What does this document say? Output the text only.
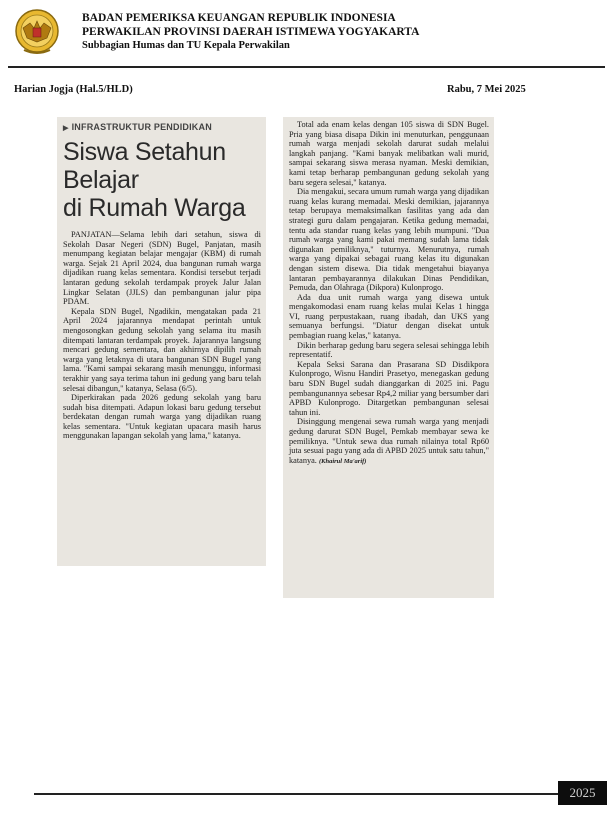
BADAN PEMERIKSA KEUANGAN REPUBLIK INDONESIA
PERWAKILAN PROVINSI DAERAH ISTIMEWA YOGYAKARTA
Subbagian Humas dan TU Kepala Perwakilan
Harian Jogja (Hal.5/HLD)	Rabu, 7 Mei 2025
▶ INFRASTRUKTUR PENDIDIKAN
Siswa Setahun
Belajar
di Rumah Warga

PANJATAN—Selama lebih dari setahun, siswa di Sekolah Dasar Negeri (SDN) Bugel, Panjatan, masih menumpang kegiatan belajar mengajar (KBM) di rumah warga. Sejak 21 April 2024, dua bangunan rumah warga dijadikan ruang kelas sementara. Kondisi tersebut terjadi lantaran gedung sekolah terdampak proyek Jalur Jalan Lingkar Selatan (JJLS) dan pembangunan jalur pipa PDAM.

Kepala SDN Bugel, Ngadikin, mengatakan pada 21 April 2024 jajarannya mendapat perintah untuk mengosongkan gedung sekolah yang selama itu masih ditempati lantaran terdampak proyek. Jajarannya langsung mencari gedung sementara, dan akhirnya dipilih rumah warga yang letaknya di utara bangunan SDN Bugel yang lama. "Kami sampai sekarang masih menunggu, informasi terakhir yang saya terima tahun ini gedung yang baru telah selesai dibangun," katanya, Selasa (6/5).

Diperkirakan pada 2026 gedung sekolah yang baru sudah bisa ditempati. Adapun lokasi baru gedung tersebut berdekatan dengan rumah warga yang dijadikan ruang kelas sementara. "Untuk kegiatan upacara masih harus menggunakan lapangan sekolah yang lama," katanya.

Total ada enam kelas dengan 105 siswa di SDN Bugel. Pria yang biasa disapa Dikin ini menuturkan, penggunaan rumah warga menjadi sekolah darurat sudah melalui langkah panjang. "Kami banyak melibatkan wali murid, sampai sekarang siswa merasa nyaman. Meski demikian, kami tetap berharap pembangunan gedung sekolah yang baru segera selesai," katanya.

Dia mengakui, secara umum rumah warga yang dijadikan ruang kelas kurang memadai. Meski demikian, jajarannya tetap berupaya memaksimalkan fasilitas yang ada dan strategi guru dalam pengajaran. Ketika gedung memadai, tentu ada standar ruang kelas yang lebih mumpuni. "Dua rumah warga yang kami pakai memang sudah lama tidak digunakan pemiliknya," tuturnya. Menurutnya, rumah warga yang dipakai sebagai ruang kelas itu digunakan dengan sistem disewa. Dia tidak mengetahui biayanya lantaran pembayarannya dilakukan Dinas Pendidikan, Pemuda, dan Olahraga (Dikpora) Kulonprogo.

Ada dua unit rumah warga yang disewa untuk mengakomodasi enam ruang kelas mulai Kelas 1 hingga VI, ruang perpustakaan, ruang ibadah, dan UKS yang semuanya berfungsi. "Diatur dengan disekat untuk pembagian ruang kelas," katanya.

Dikin berharap gedung baru segera selesai sehingga lebih representatif.

Kepala Seksi Sarana dan Prasarana SD Disdikpora Kulonprogo, Wisnu Handiri Prasetyo, menegaskan gedung baru SDN Bugel sudah dianggarkan di 2025 ini. Pagu pembangunannya sebesar Rp4,2 miliar yang bersumber dari APBD Kulonprogo. Ditargetkan pembangunan selesai tahun ini.

Disinggung mengenai sewa rumah warga yang menjadi gedung darurat SDN Bugel, Pemkab membayar sewa ke pemiliknya. "Untuk sewa dua rumah nilainya total Rp60 juta sesuai pagu yang ada di APBD 2025 untuk satu tahun," katanya. (Khairul Ma'arif)

2025
